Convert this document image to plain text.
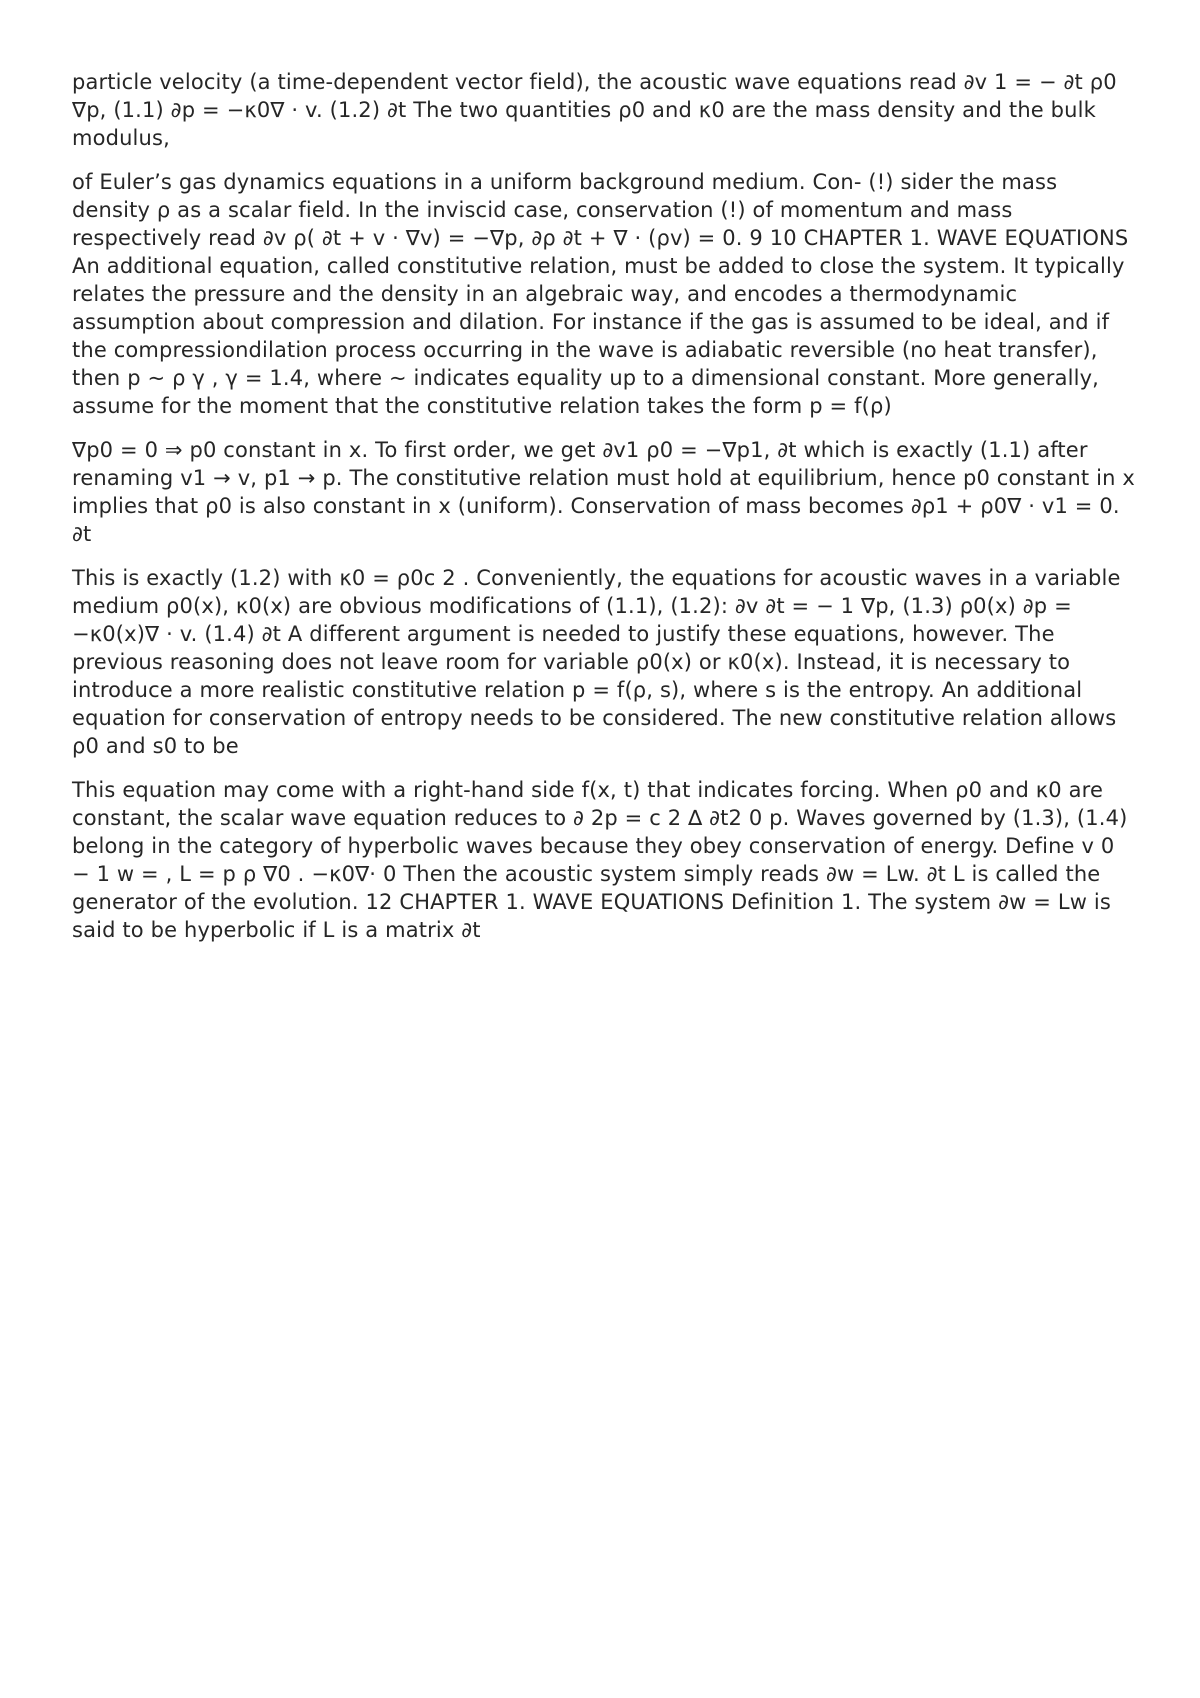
particle velocity (a time-dependent vector field), the acoustic wave equations read ∂v 1 = − ∂t ρ0 ∇p, (1.1) ∂p = −κ0∇ · v. (1.2) ∂t The two quantities ρ0 and κ0 are the mass density and the bulk modulus,

of Euler’s gas dynamics equations in a uniform background medium. Con- (!) sider the mass density ρ as a scalar field. In the inviscid case, conservation (!) of momentum and mass respectively read ∂v ρ( ∂t + v · ∇v) = −∇p, ∂ρ ∂t + ∇ · (ρv) = 0. 9 10 CHAPTER 1. WAVE EQUATIONS An additional equation, called constitutive relation, must be added to close the system. It typically relates the pressure and the density in an algebraic way, and encodes a thermodynamic assumption about compression and dilation. For instance if the gas is assumed to be ideal, and if the compressiondilation process occurring in the wave is adiabatic reversible (no heat transfer), then p ∼ ρ γ , γ = 1.4, where ∼ indicates equality up to a dimensional constant. More generally, assume for the moment that the constitutive relation takes the form p = f(ρ)

∇p0 = 0 ⇒ p0 constant in x. To first order, we get ∂v1 ρ0 = −∇p1, ∂t which is exactly (1.1) after renaming v1 → v, p1 → p. The constitutive relation must hold at equilibrium, hence p0 constant in x implies that ρ0 is also constant in x (uniform). Conservation of mass becomes ∂ρ1 + ρ0∇ · v1 = 0. ∂t

This is exactly (1.2) with κ0 = ρ0c 2 . Conveniently, the equations for acoustic waves in a variable medium ρ0(x), κ0(x) are obvious modifications of (1.1), (1.2): ∂v ∂t = − 1 ∇p, (1.3) ρ0(x) ∂p = −κ0(x)∇ · v. (1.4) ∂t A different argument is needed to justify these equations, however. The previous reasoning does not leave room for variable ρ0(x) or κ0(x). Instead, it is necessary to introduce a more realistic constitutive relation p = f(ρ, s), where s is the entropy. An additional equation for conservation of entropy needs to be considered. The new constitutive relation allows ρ0 and s0 to be

This equation may come with a right-hand side f(x, t) that indicates forcing. When ρ0 and κ0 are constant, the scalar wave equation reduces to ∂ 2p = c 2 ∆ ∂t2 0 p. Waves governed by (1.3), (1.4) belong in the category of hyperbolic waves because they obey conservation of energy. Define v 0 − 1 w = , L = p ρ ∇0 . −κ0∇· 0 Then the acoustic system simply reads ∂w = Lw. ∂t L is called the generator of the evolution. 12 CHAPTER 1. WAVE EQUATIONS Definition 1. The system ∂w = Lw is said to be hyperbolic if L is a matrix ∂t
